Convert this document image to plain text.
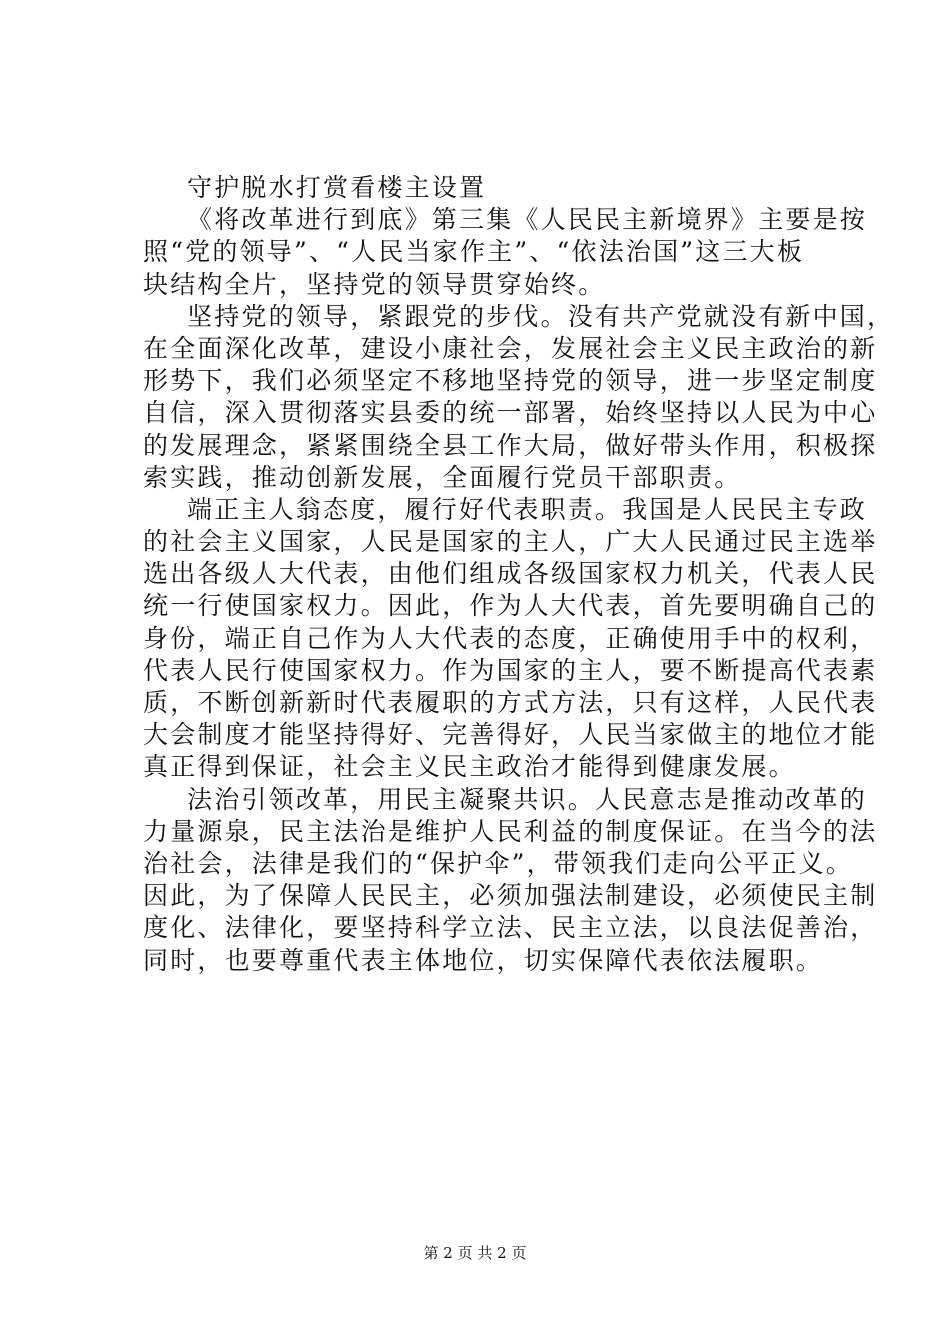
守护脱水打赏看楼主设置
《将改革进行到底》第三集《人民民主新境界》主要是按
照“党的领导”、“人民当家作主”、“依法治国”这三大板
块结构全片，坚持党的领导贯穿始终。
坚持党的领导，紧跟党的步伐。没有共产党就没有新中国，
在全面深化改革，建设小康社会，发展社会主义民主政治的新
形势下，我们必须坚定不移地坚持党的领导，进一步坚定制度
自信，深入贯彻落实县委的统一部署，始终坚持以人民为中心
的发展理念，紧紧围绕全县工作大局，做好带头作用，积极探
索实践，推动创新发展，全面履行党员干部职责。
端正主人翁态度，履行好代表职责。我国是人民民主专政
的社会主义国家，人民是国家的主人，广大人民通过民主选举
选出各级人大代表，由他们组成各级国家权力机关，代表人民
统一行使国家权力。因此，作为人大代表，首先要明确自己的
身份，端正自己作为人大代表的态度，正确使用手中的权利，
代表人民行使国家权力。作为国家的主人，要不断提高代表素
质，不断创新新时代表履职的方式方法，只有这样，人民代表
大会制度才能坚持得好、完善得好，人民当家做主的地位才能
真正得到保证，社会主义民主政治才能得到健康发展。
法治引领改革，用民主凝聚共识。人民意志是推动改革的
力量源泉，民主法治是维护人民利益的制度保证。在当今的法
治社会，法律是我们的“保护伞”，带领我们走向公平正义。
因此，为了保障人民民主，必须加强法制建设，必须使民主制
度化、法律化，要坚持科学立法、民主立法，以良法促善治，
同时，也要尊重代表主体地位，切实保障代表依法履职。
第 2 页 共 2 页
